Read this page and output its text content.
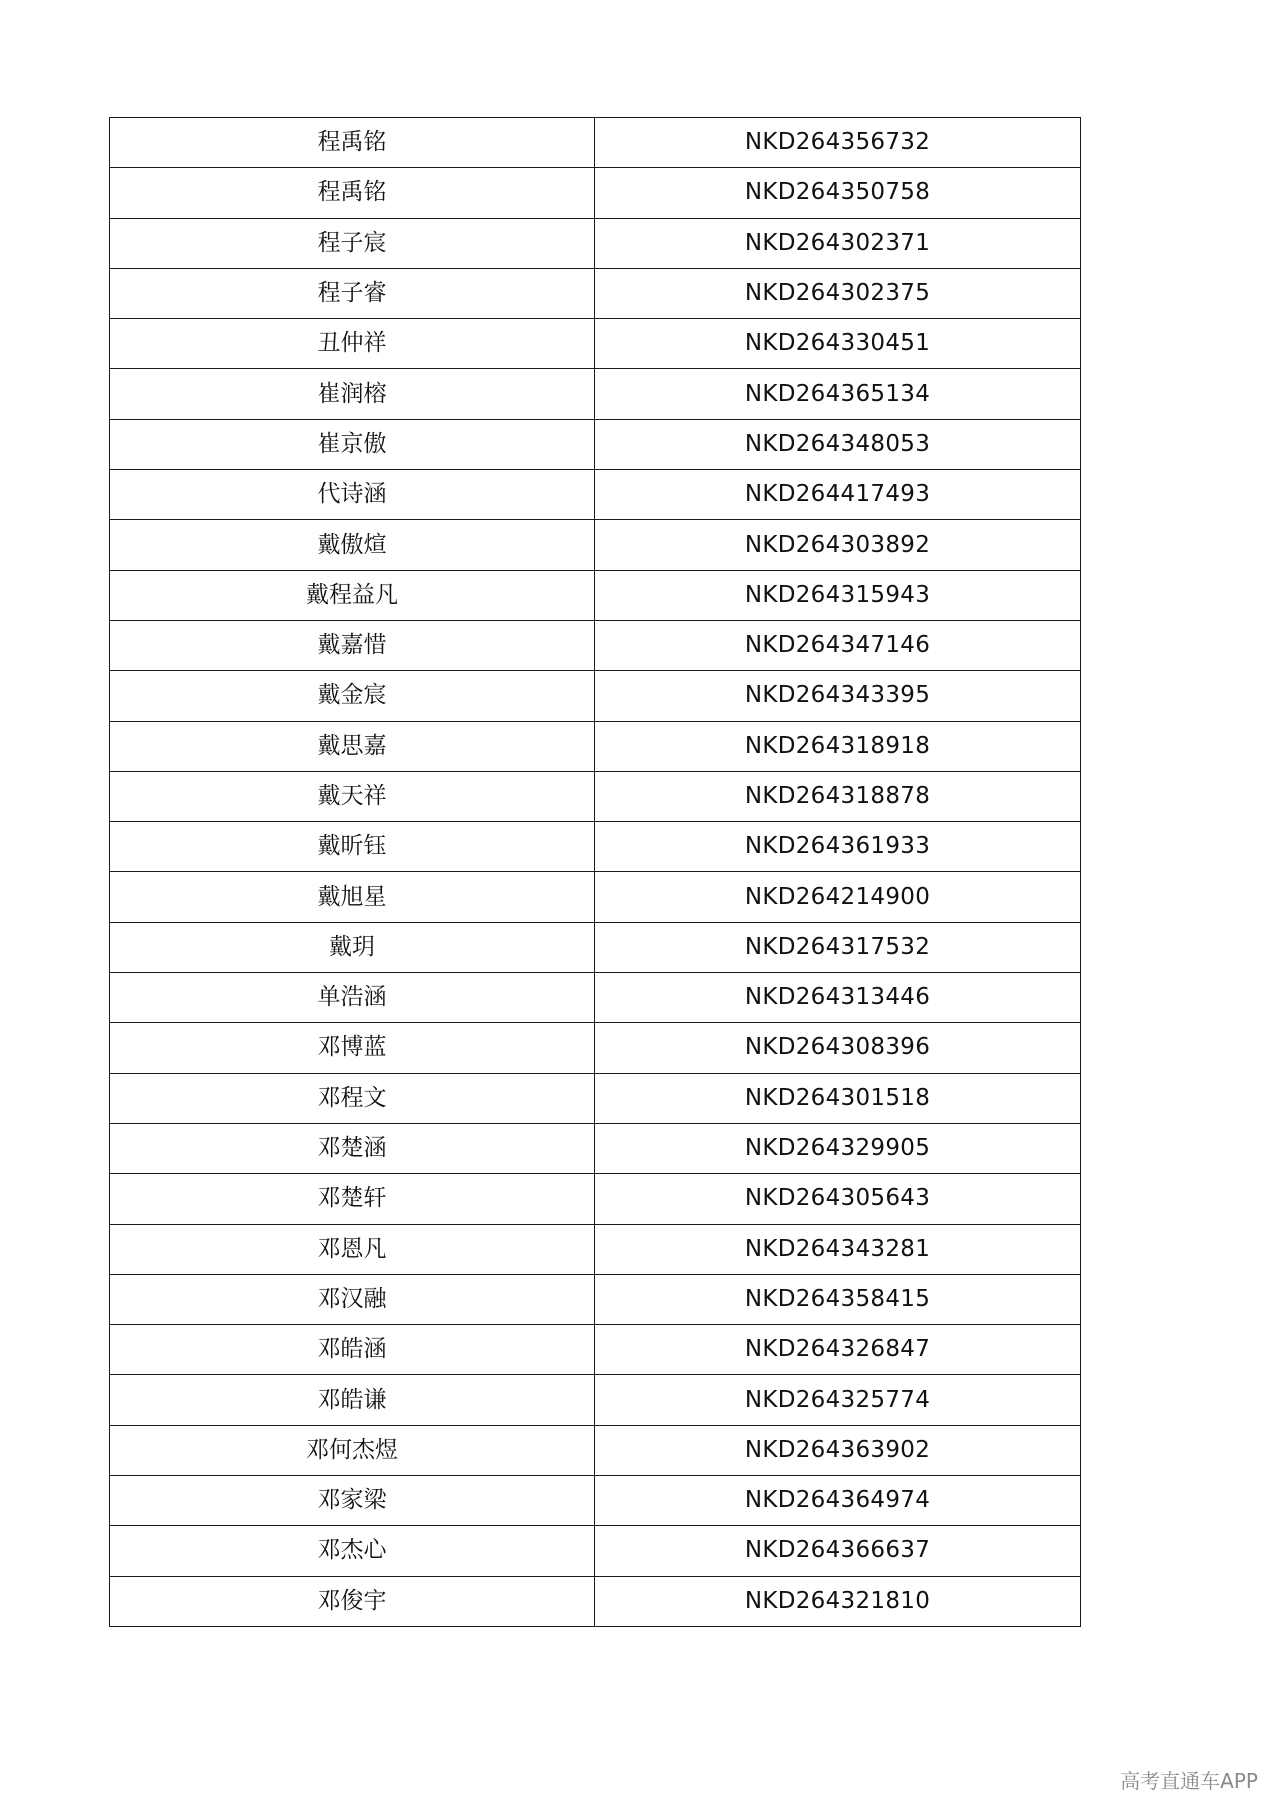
程禹铭	NKD264356732
程禹铭	NKD264350758
程子宸	NKD264302371
程子睿	NKD264302375
丑仲祥	NKD264330451
崔润榕	NKD264365134
崔京傲	NKD264348053
代诗涵	NKD264417493
戴傲煊	NKD264303892
戴程益凡	NKD264315943
戴嘉惜	NKD264347146
戴金宸	NKD264343395
戴思嘉	NKD264318918
戴天祥	NKD264318878
戴昕钰	NKD264361933
戴旭星	NKD264214900
戴玥	NKD264317532
单浩涵	NKD264313446
邓博蓝	NKD264308396
邓程文	NKD264301518
邓楚涵	NKD264329905
邓楚轩	NKD264305643
邓恩凡	NKD264343281
邓汉融	NKD264358415
邓皓涵	NKD264326847
邓皓谦	NKD264325774
邓何杰煜	NKD264363902
邓家梁	NKD264364974
邓杰心	NKD264366637
邓俊宇	NKD264321810
高考直通车APP
